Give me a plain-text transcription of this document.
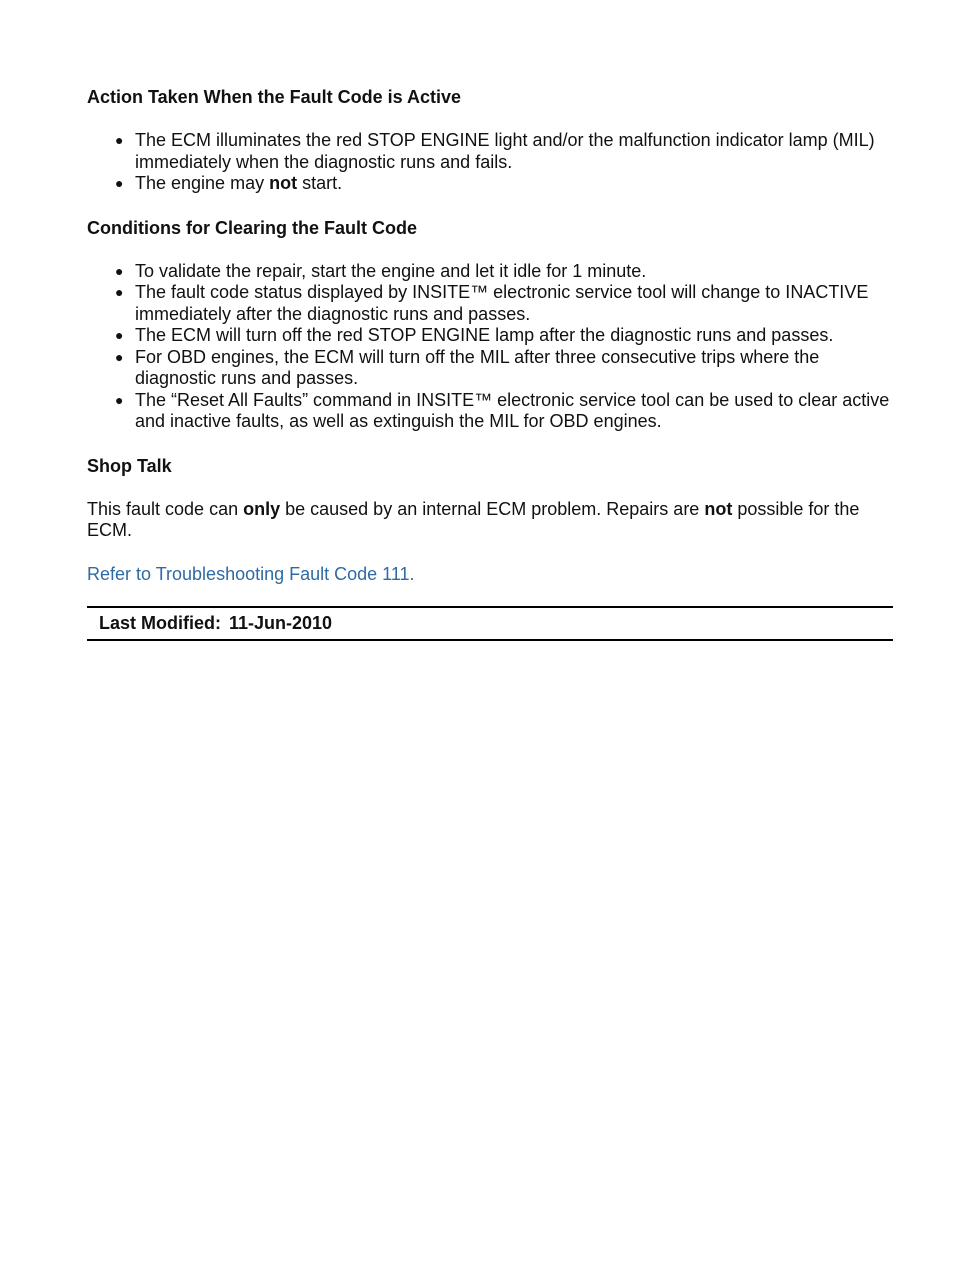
Action Taken When the Fault Code is Active
● The ECM illuminates the red STOP ENGINE light and/or the malfunction indicator lamp (MIL) immediately when the diagnostic runs and fails.
● The engine may not start.
Conditions for Clearing the Fault Code
● To validate the repair, start the engine and let it idle for 1 minute.
● The fault code status displayed by INSITE™ electronic service tool will change to INACTIVE immediately after the diagnostic runs and passes.
● The ECM will turn off the red STOP ENGINE lamp after the diagnostic runs and passes.
● For OBD engines, the ECM will turn off the MIL after three consecutive trips where the diagnostic runs and passes.
● The “Reset All Faults” command in INSITE™ electronic service tool can be used to clear active and inactive faults, as well as extinguish the MIL for OBD engines.
Shop Talk

This fault code can only be caused by an internal ECM problem. Repairs are not possible for the ECM.

Refer to Troubleshooting Fault Code 111.
Last Modified: 11-Jun-2010
